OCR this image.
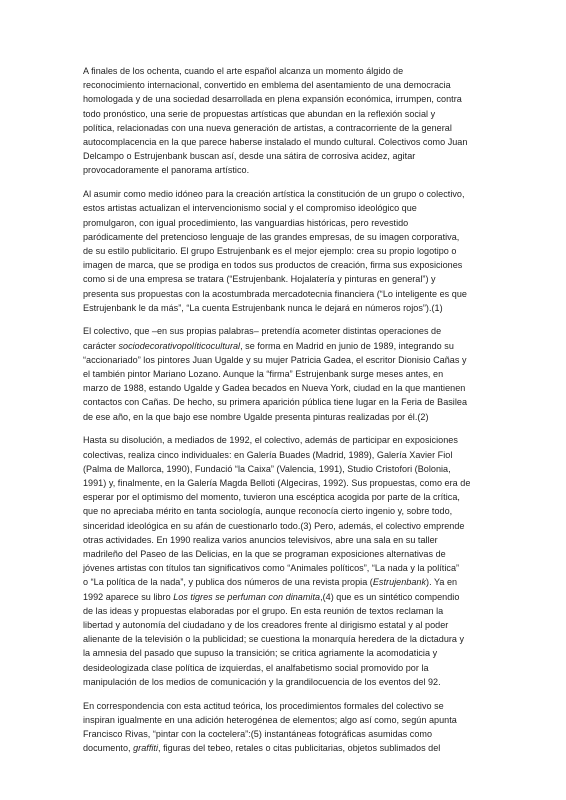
A finales de los ochenta, cuando el arte español alcanza un momento álgido de
reconocimiento internacional, convertido en emblema del asentamiento de una democracia
homologada y de una sociedad desarrollada en plena expansión económica, irrumpen, contra
todo pronóstico, una serie de propuestas artísticas que abundan en la reflexión social y
política, relacionadas con una nueva generación de artistas, a contracorriente de la general
autocomplacencia en la que parece haberse instalado el mundo cultural. Colectivos como Juan
Delcampo o Estrujenbank buscan así, desde una sátira de corrosiva acidez, agitar
provocadoramente el panorama artístico.

Al asumir como medio idóneo para la creación artística la constitución de un grupo o colectivo,
estos artistas actualizan el intervencionismo social y el compromiso ideológico que
promulgaron, con igual procedimiento, las vanguardias históricas, pero revestido
paródicamente del pretencioso lenguaje de las grandes empresas, de su imagen corporativa,
de su estilo publicitario. El grupo Estrujenbank es el mejor ejemplo: crea su propio logotipo o
imagen de marca, que se prodiga en todos sus productos de creación, firma sus exposiciones
como si de una empresa se tratara (“Estrujenbank. Hojalatería y pinturas en general”) y
presenta sus propuestas con la acostumbrada mercadotecnia financiera (“Lo inteligente es que
Estrujenbank le da más”, “La cuenta Estrujenbank nunca le dejará en números rojos”).(1)

El colectivo, que –en sus propias palabras– pretendía acometer distintas operaciones de
carácter sociodecorativopolíticocultural, se forma en Madrid en junio de 1989, integrando su
“accionariado” los pintores Juan Ugalde y su mujer Patricia Gadea, el escritor Dionisio Cañas y
el también pintor Mariano Lozano. Aunque la “firma” Estrujenbank surge meses antes, en
marzo de 1988, estando Ugalde y Gadea becados en Nueva York, ciudad en la que mantienen
contactos con Cañas. De hecho, su primera aparición pública tiene lugar en la Feria de Basilea
de ese año, en la que bajo ese nombre Ugalde presenta pinturas realizadas por él.(2)

Hasta su disolución, a mediados de 1992, el colectivo, además de participar en exposiciones
colectivas, realiza cinco individuales: en Galería Buades (Madrid, 1989), Galería Xavier Fiol
(Palma de Mallorca, 1990), Fundació “la Caixa” (Valencia, 1991), Studio Cristofori (Bolonia,
1991) y, finalmente, en la Galería Magda Belloti (Algeciras, 1992). Sus propuestas, como era de
esperar por el optimismo del momento, tuvieron una escéptica acogida por parte de la crítica,
que no apreciaba mérito en tanta sociología, aunque reconocía cierto ingenio y, sobre todo,
sinceridad ideológica en su afán de cuestionarlo todo.(3) Pero, además, el colectivo emprende
otras actividades. En 1990 realiza varios anuncios televisivos, abre una sala en su taller
madrileño del Paseo de las Delicias, en la que se programan exposiciones alternativas de
jóvenes artistas con títulos tan significativos como “Animales políticos”, “La nada y la política”
o “La política de la nada”, y publica dos números de una revista propia (Estrujenbank). Ya en
1992 aparece su libro Los tigres se perfuman con dinamita,(4) que es un sintético compendio
de las ideas y propuestas elaboradas por el grupo. En esta reunión de textos reclaman la
libertad y autonomía del ciudadano y de los creadores frente al dirigismo estatal y al poder
alienante de la televisión o la publicidad; se cuestiona la monarquía heredera de la dictadura y
la amnesia del pasado que supuso la transición; se critica agriamente la acomodaticia y
desideologizada clase política de izquierdas, el analfabetismo social promovido por la
manipulación de los medios de comunicación y la grandilocuencia de los eventos del 92.

En correspondencia con esta actitud teórica, los procedimientos formales del colectivo se
inspiran igualmente en una adición heterogénea de elementos; algo así como, según apunta
Francisco Rivas, “pintar con la coctelera”:(5) instantáneas fotográficas asumidas como
documento, graffiti, figuras del tebeo, retales o citas publicitarias, objetos sublimados del
